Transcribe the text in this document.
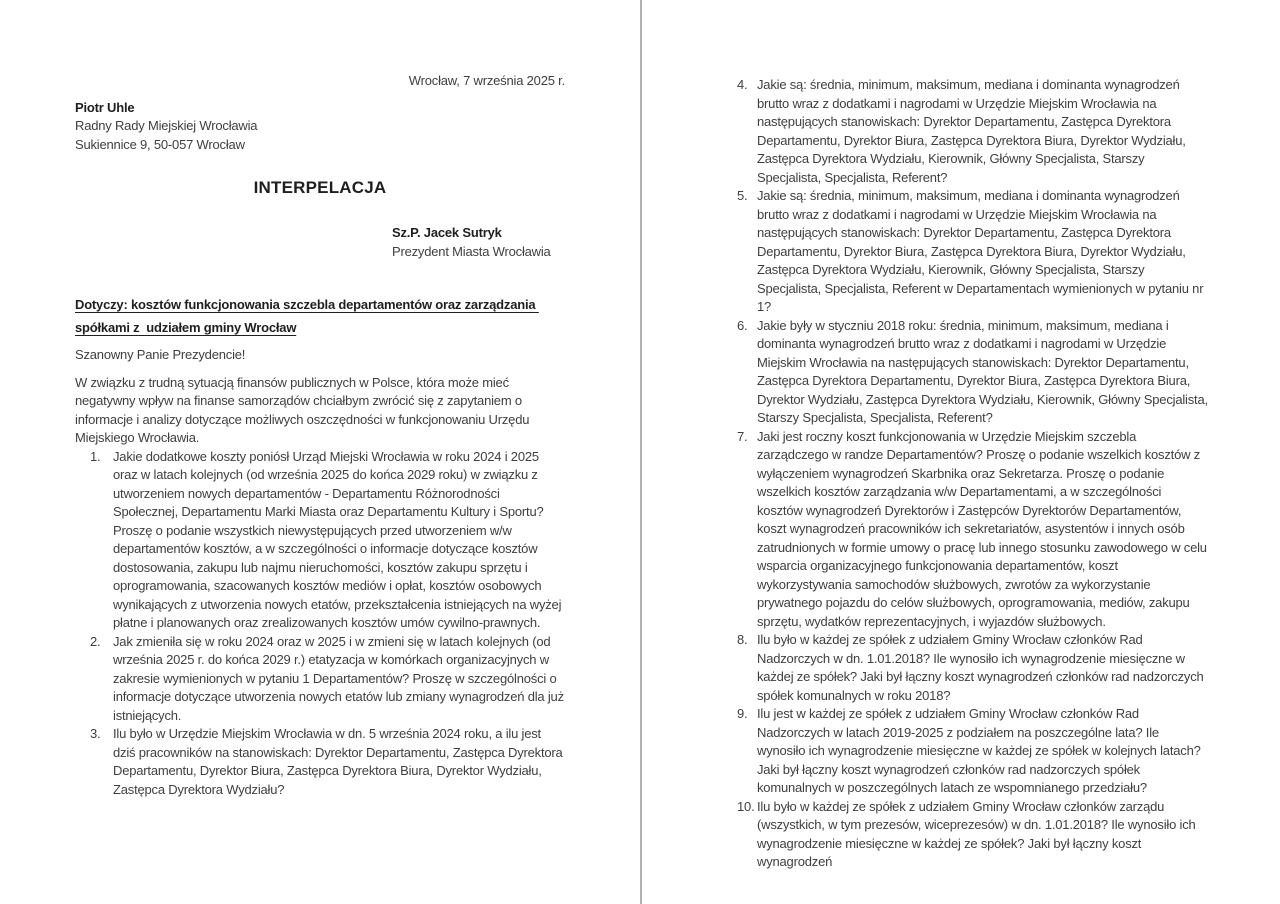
Wrocław, 7 września 2025 r.
Piotr Uhle
Radny Rady Miejskiej Wrocławia
Sukiennice 9, 50-057 Wrocław
INTERPELACJA
Sz.P. Jacek Sutryk
Prezydent Miasta Wrocławia
Dotyczy: kosztów funkcjonowania szczebla departamentów oraz zarządzania spółkami z  udziałem gminy Wrocław
Szanowny Panie Prezydencie!

W związku z trudną sytuacją finansów publicznych w Polsce, która może mieć negatywny wpływ na finanse samorządów chciałbym zwrócić się z zapytaniem o informacje i analizy dotyczące możliwych oszczędności w funkcjonowaniu Urzędu Miejskiego Wrocławia.

Jakie dodatkowe koszty poniósł Urząd Miejski Wrocławia w roku 2024 i 2025 oraz w latach kolejnych (od września 2025 do końca 2029 roku) w związku z utworzeniem nowych departamentów - Departamentu Różnorodności Społecznej, Departamentu Marki Miasta oraz Departamentu Kultury i Sportu? Proszę o podanie wszystkich niewystępujących przed utworzeniem w/w departamentów kosztów, a w szczególności o informacje dotyczące kosztów dostosowania, zakupu lub najmu nieruchomości, kosztów zakupu sprzętu i oprogramowania, szacowanych kosztów mediów i opłat, kosztów osobowych wynikających z utworzenia nowych etatów, przekształcenia istniejących na wyżej płatne i planowanych oraz zrealizowanych kosztów umów cywilno-prawnych.
Jak zmieniła się w roku 2024 oraz w 2025 i w zmieni się w latach kolejnych (od września 2025 r. do końca 2029 r.) etatyzacja w komórkach organizacyjnych w zakresie wymienionych w pytaniu 1 Departamentów? Proszę w szczególności o informacje dotyczące utworzenia nowych etatów lub zmiany wynagrodzeń dla już istniejących.
Ilu było w Urzędzie Miejskim Wrocławia w dn. 5 września 2024 roku, a ilu jest dziś pracowników na stanowiskach: Dyrektor Departamentu, Zastępca Dyrektora Departamentu, Dyrektor Biura, Zastępca Dyrektora Biura, Dyrektor Wydziału, Zastępca Dyrektora Wydziału?
Jakie są: średnia, minimum, maksimum, mediana i dominanta wynagrodzeń brutto wraz z dodatkami i nagrodami w Urzędzie Miejskim Wrocławia na następujących stanowiskach: Dyrektor Departamentu, Zastępca Dyrektora Departamentu, Dyrektor Biura, Zastępca Dyrektora Biura, Dyrektor Wydziału, Zastępca Dyrektora Wydziału, Kierownik, Główny Specjalista, Starszy Specjalista, Specjalista, Referent?
Jakie są: średnia, minimum, maksimum, mediana i dominanta wynagrodzeń brutto wraz z dodatkami i nagrodami w Urzędzie Miejskim Wrocławia na następujących stanowiskach: Dyrektor Departamentu, Zastępca Dyrektora Departamentu, Dyrektor Biura, Zastępca Dyrektora Biura, Dyrektor Wydziału, Zastępca Dyrektora Wydziału, Kierownik, Główny Specjalista, Starszy Specjalista, Specjalista, Referent w Departamentach wymienionych w pytaniu nr 1?
Jakie były w styczniu 2018 roku: średnia, minimum, maksimum, mediana i dominanta wynagrodzeń brutto wraz z dodatkami i nagrodami w Urzędzie Miejskim Wrocławia na następujących stanowiskach: Dyrektor Departamentu, Zastępca Dyrektora Departamentu, Dyrektor Biura, Zastępca Dyrektora Biura, Dyrektor Wydziału, Zastępca Dyrektora Wydziału, Kierownik, Główny Specjalista, Starszy Specjalista, Specjalista, Referent?
Jaki jest roczny koszt funkcjonowania w Urzędzie Miejskim szczebla zarządczego w randze Departamentów? Proszę o podanie wszelkich kosztów z wyłączeniem wynagrodzeń Skarbnika oraz Sekretarza. Proszę o podanie wszelkich kosztów zarządzania w/w Departamentami, a w szczególności kosztów wynagrodzeń Dyrektorów i Zastępców Dyrektorów Departamentów, koszt wynagrodzeń pracowników ich sekretariatów, asystentów i innych osób zatrudnionych w formie umowy o pracę lub innego stosunku zawodowego w celu wsparcia organizacyjnego funkcjonowania departamentów, koszt wykorzystywania samochodów służbowych, zwrotów za wykorzystanie prywatnego pojazdu do celów służbowych, oprogramowania, mediów, zakupu sprzętu, wydatków reprezentacyjnych, i wyjazdów służbowych.
Ilu było w każdej ze spółek z udziałem Gminy Wrocław członków Rad Nadzorczych w dn. 1.01.2018? Ile wynosiło ich wynagrodzenie miesięczne w każdej ze spółek? Jaki był łączny koszt wynagrodzeń członków rad nadzorczych spółek komunalnych w roku 2018?
Ilu jest w każdej ze spółek z udziałem Gminy Wrocław członków Rad Nadzorczych w latach 2019-2025 z podziałem na poszczególne lata? Ile wynosiło ich wynagrodzenie miesięczne w każdej ze spółek w kolejnych latach? Jaki był łączny koszt wynagrodzeń członków rad nadzorczych spółek komunalnych w poszczególnych latach ze wspomnianego przedziału?
Ilu było w każdej ze spółek z udziałem Gminy Wrocław członków zarządu (wszystkich, w tym prezesów, wiceprezesów) w dn. 1.01.2018? Ile wynosiło ich wynagrodzenie miesięczne w każdej ze spółek? Jaki był łączny koszt wynagrodzeń
